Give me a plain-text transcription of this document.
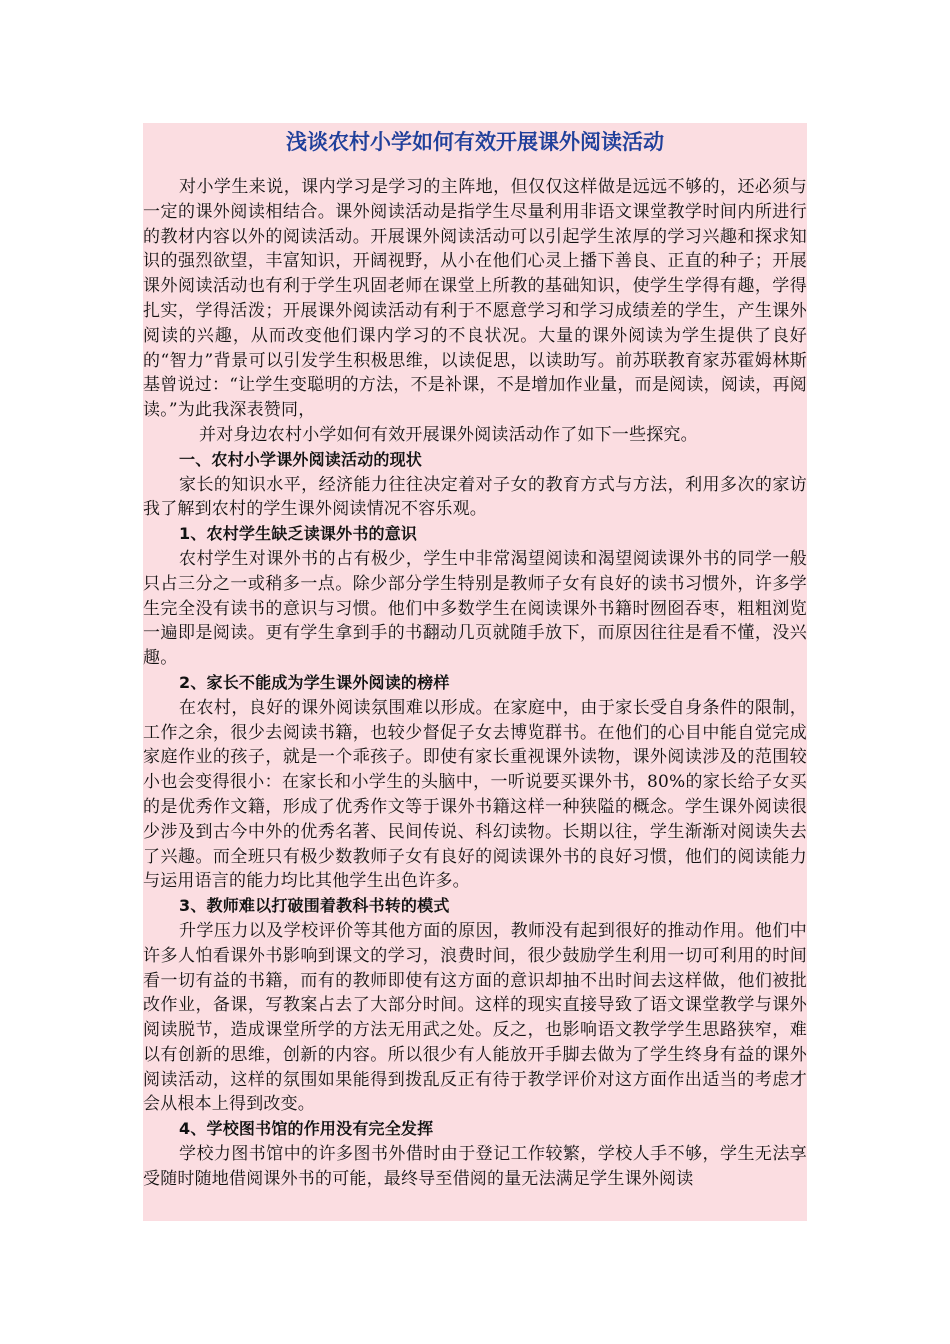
浅谈农村小学如何有效开展课外阅读活动

对小学生来说，课内学习是学习的主阵地，但仅仅这样做是远远不够的，还必须与一定的课外阅读相结合。课外阅读活动是指学生尽量利用非语文课堂教学时间内所进行的教材内容以外的阅读活动。开展课外阅读活动可以引起学生浓厚的学习兴趣和探求知识的强烈欲望，丰富知识，开阔视野，从小在他们心灵上播下善良、正直的种子；开展课外阅读活动也有利于学生巩固老师在课堂上所教的基础知识，使学生学得有趣，学得扎实，学得活泼；开展课外阅读活动有利于不愿意学习和学习成绩差的学生，产生课外阅读的兴趣，从而改变他们课内学习的不良状况。大量的课外阅读为学生提供了良好的“智力”背景可以引发学生积极思维，以读促思，以读助写。前苏联教育家苏霍姆林斯基曾说过：“让学生变聪明的方法，不是补课，不是增加作业量，而是阅读，阅读，再阅读。”为此我深表赞同，

并对身边农村小学如何有效开展课外阅读活动作了如下一些探究。

一、农村小学课外阅读活动的现状

家长的知识水平，经济能力往往决定着对子女的教育方式与方法，利用多次的家访我了解到农村的学生课外阅读情况不容乐观。

1、农村学生缺乏读课外书的意识

农村学生对课外书的占有极少，学生中非常渴望阅读和渴望阅读课外书的同学一般只占三分之一或稍多一点。除少部分学生特别是教师子女有良好的读书习惯外，许多学生完全没有读书的意识与习惯。他们中多数学生在阅读课外书籍时囫囵吞枣，粗粗浏览一遍即是阅读。更有学生拿到手的书翻动几页就随手放下，而原因往往是看不懂，没兴趣。

2、家长不能成为学生课外阅读的榜样

在农村，良好的课外阅读氛围难以形成。在家庭中，由于家长受自身条件的限制，工作之余，很少去阅读书籍，也较少督促子女去博览群书。在他们的心目中能自觉完成家庭作业的孩子，就是一个乖孩子。即使有家长重视课外读物，课外阅读涉及的范围较小也会变得很小：在家长和小学生的头脑中，一听说要买课外书，80%的家长给子女买的是优秀作文籍，形成了优秀作文等于课外书籍这样一种狭隘的概念。学生课外阅读很少涉及到古今中外的优秀名著、民间传说、科幻读物。长期以往，学生渐渐对阅读失去了兴趣。而全班只有极少数教师子女有良好的阅读课外书的良好习惯，他们的阅读能力与运用语言的能力均比其他学生出色许多。

3、教师难以打破围着教科书转的模式

升学压力以及学校评价等其他方面的原因，教师没有起到很好的推动作用。他们中许多人怕看课外书影响到课文的学习，浪费时间，很少鼓励学生利用一切可利用的时间看一切有益的书籍，而有的教师即使有这方面的意识却抽不出时间去这样做，他们被批改作业，备课，写教案占去了大部分时间。这样的现实直接导致了语文课堂教学与课外阅读脱节，造成课堂所学的方法无用武之处。反之，也影响语文教学学生思路狭窄，难以有创新的思维，创新的内容。所以很少有人能放开手脚去做为了学生终身有益的课外阅读活动，这样的氛围如果能得到拨乱反正有待于教学评价对这方面作出适当的考虑才会从根本上得到改变。

4、学校图书馆的作用没有完全发挥

学校力图书馆中的许多图书外借时由于登记工作较繁，学校人手不够，学生无法享受随时随地借阅课外书的可能，最终导至借阅的量无法满足学生课外阅读
